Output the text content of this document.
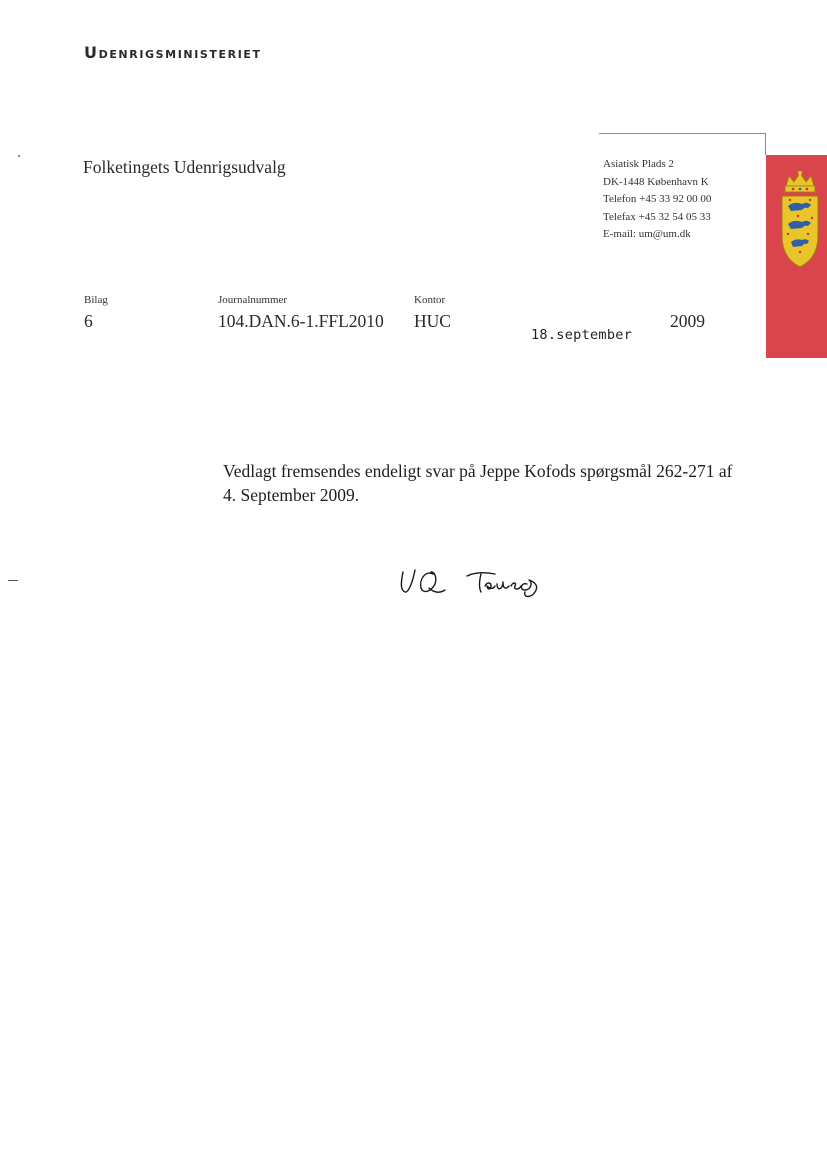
Udenrigsministeriet
Folketingets Udenrigsudvalg	Asiatisk Plads 2
DK-1448 København K
Telefon +45 33 92 00 00
Telefax +45 32 54 05 33
E-mail: um@um.dk
Bilag
6
Journalnummer
104.DAN.6-1.FFL2010
Kontor
HUC
18.september
2009
Vedlagt fremsendes endeligt svar på Jeppe Kofods spørgsmål 262-271 af 4. September 2009.
